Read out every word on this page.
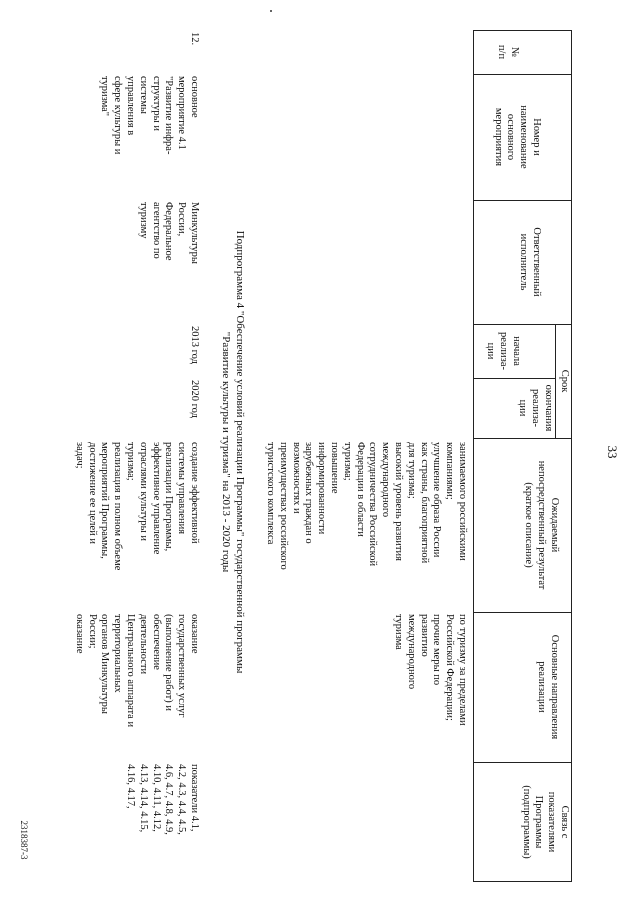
33
2318387-3
№
п/п
Номер и
наименование
основного
мероприятия
Ответственный
исполнитель
Срок
начала
реализа-
ции
окончания
реализа-
ции
Ожидаемый
непосредственный результат
(краткое описание)
Основные направления
реализации
Связь с
показателями
Программы
(подпрограммы)
занимаемого российскими
компаниями;
улучшение образа России
как страны, благоприятной
для туризма;
высокий уровень развития
международного
сотрудничества Российской
Федерации в области
туризма;
повышение
информированности
зарубежных граждан о
возможностях и
преимуществах российского
туристского комплекса
по туризму за пределами
Российской Федерации;
прочие меры по
развитию
международного
туризма
Подпрограмма 4 "Обеспечение условий реализации Программы" государственной программы
"Развитие культуры и туризма" на 2013 - 2020 годы
12.
основное
мероприятие 4.1
"Развитие инфра-
структуры и
системы
управления в
сфере культуры и
туризма"
Минкультуры
России,
Федеральное
агентство по
туризму
2013 год
2020 год
создание эффективной
системы управления
реализации Программы,
эффективное управление
отраслями культуры и
туризма;
реализация в полном объеме
мероприятий Программы,
достижение ее целей и
задач;
оказание
государственных услуг
(выполнение работ) и
обеспечение
деятельности
Центрального аппарата и
территориальных
органов Минкультуры
России;
оказание
показатели 4.1,
4.2, 4.3, 4.4, 4.5,
4.6, 4.7, 4.8, 4.9,
4.10, 4.11, 4.12,
4.13, 4.14, 4.15,
4.16, 4.17,
